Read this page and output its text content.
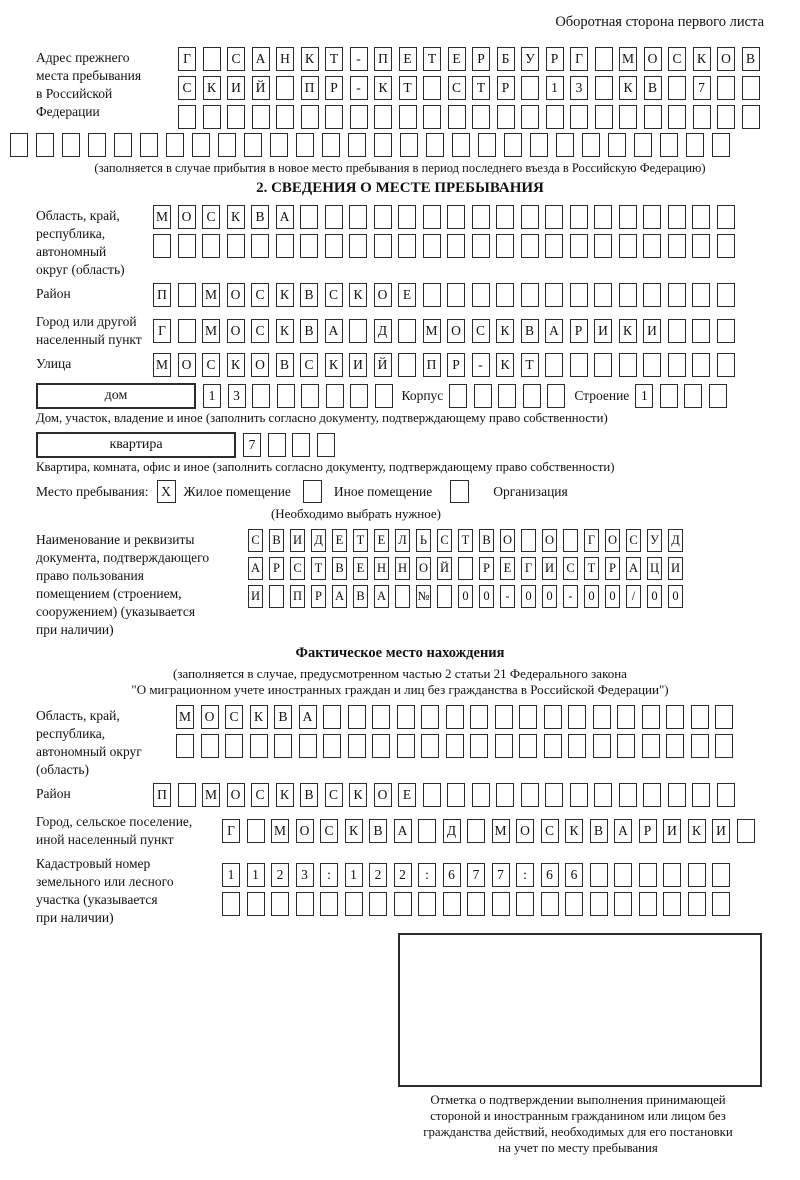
Оборотная сторона первого листа
Адрес прежнего
места пребывания
в Российской
Федерации
Г	С	А	Н	К	Т	-	П	Е	Т	Е	Р	Б	У	Р	Г	М	О	С	К	О	В
С	К	И	Й	П	Р	-	К	Т	С	Т	Р	1	3	К	В	7
(заполняется в случае прибытия в новое место пребывания в период последнего въезда в Российскую Федерацию)
2. СВЕДЕНИЯ О МЕСТЕ ПРЕБЫВАНИЯ
Область, край,
республика,
автономный
округ (область)
М	О	С	К	В	А
Район	П	М	О	С	К	В	С	К	О	Е
Город или другой
населенный пункт
Г	М	О	С	К	В	А	Д	М	О	С	К	В	А	Р	И	К	И
Улица	М	О	С	К	О	В	С	К	И	Й	П	Р	-	К	Т
дом	1	3	Корпус	Строение 1
Дом, участок, владение и иное (заполнить согласно документу, подтверждающему право собственности)
квартира	7
Квартира, комната, офис и иное (заполнить согласно документу, подтверждающему право собственности)
Место пребывания: X Жилое помещение	Иное помещение	Организация
(Необходимо выбрать нужное)
Наименование и реквизиты
документа, подтверждающего
право пользования
помещением (строением,
сооружением) (указывается
при наличии)
С В И Д Е Т Е Л	Ь	С Т В О	О	Г	О С У Д
А	Р	С Т В Е Н Н О Й	Р	Е	Г	И С Т	Р	А Ц И
И	П	Р	А В А	№	0	0	-	0	0	-	0	0	/	0	0
Фактическое место нахождения
(заполняется в случае, предусмотренном частью 2 статьи 21 Федерального закона
"О миграционном учете иностранных граждан и лиц без гражданства в Российской Федерации")
Область, край,
республика,
автономный округ
(область)
М	О	С	К	В	А
Район	П	М	О	С	К	В	С	К	О	Е
Город, сельское поселение,
иной населенный пункт
Г	М	О	С	К	В	А	Д	М	О	С	К	В	А	Р	И	К	И
Кадастровый номер
земельного или лесного
участка (указывается
при наличии)
1	1	2	3	:	1	2	2	:	6	7	7	:	6	6
Отметка о подтверждении выполнения принимающей
стороной и иностранным гражданином или лицом без
гражданства действий, необходимых для его постановки
на учет по месту пребывания
